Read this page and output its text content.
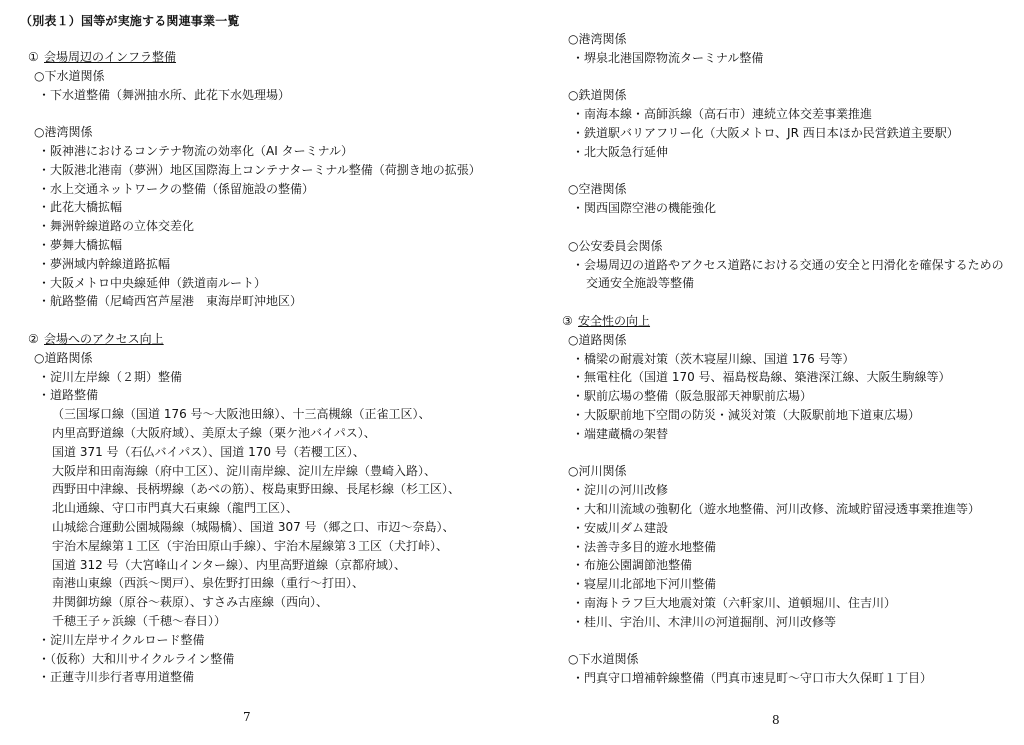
（別表１）国等が実施する関連事業一覧
① 会場周辺のインフラ整備
○下水道関係
・下水道整備（舞洲抽水所、此花下水処理場）
○港湾関係
・阪神港におけるコンテナ物流の効率化（AI ターミナル）
・大阪港北港南（夢洲）地区国際海上コンテナターミナル整備（荷捌き地の拡張）
・水上交通ネットワークの整備（係留施設の整備）
・此花大橋拡幅
・舞洲幹線道路の立体交差化
・夢舞大橋拡幅
・夢洲域内幹線道路拡幅
・大阪メトロ中央線延伸（鉄道南ルート）
・航路整備（尼崎西宮芦屋港　東海岸町沖地区）
② 会場へのアクセス向上
○道路関係
・淀川左岸線（２期）整備
・道路整備
（三国塚口線（国道 176 号～大阪池田線）、十三高槻線（正雀工区）、
内里高野道線（大阪府域）、美原太子線（栗ケ池バイパス）、
国道 371 号（石仏バイパス）、国道 170 号（若櫻工区）、
大阪岸和田南海線（府中工区）、淀川南岸線、淀川左岸線（豊崎入路）、
西野田中津線、長柄堺線（あべの筋）、桜島東野田線、長尾杉線（杉工区）、
北山通線、守口市門真大石東線（龍門工区）、
山城総合運動公園城陽線（城陽橋）、国道 307 号（郷之口、市辺～奈島）、
宇治木屋線第１工区（宇治田原山手線）、宇治木屋線第３工区（犬打峠）、
国道 312 号（大宮峰山インター線）、内里高野道線（京都府域）、
南港山東線（西浜～関戸）、泉佐野打田線（重行～打田）、
井関御坊線（原谷～萩原）、すさみ古座線（西向）、
千穂王子ヶ浜線（千穂～春日））
・淀川左岸サイクルロード整備
・（仮称）大和川サイクルライン整備
・正蓮寺川歩行者専用道整備
7
○港湾関係
・堺泉北港国際物流ターミナル整備
○鉄道関係
・南海本線・高師浜線（高石市）連続立体交差事業推進
・鉄道駅バリアフリー化（大阪メトロ、JR 西日本ほか民営鉄道主要駅）
・北大阪急行延伸
○空港関係
・関西国際空港の機能強化
○公安委員会関係
・会場周辺の道路やアクセス道路における交通の安全と円滑化を確保するための
交通安全施設等整備
③ 安全性の向上
○道路関係
・橋梁の耐震対策（茨木寝屋川線、国道 176 号等）
・無電柱化（国道 170 号、福島桜島線、築港深江線、大阪生駒線等）
・駅前広場の整備（阪急服部天神駅前広場）
・大阪駅前地下空間の防災・減災対策（大阪駅前地下道東広場）
・端建蔵橋の架替
○河川関係
・淀川の河川改修
・大和川流域の強靭化（遊水地整備、河川改修、流域貯留浸透事業推進等）
・安威川ダム建設
・法善寺多目的遊水地整備
・布施公園調節池整備
・寝屋川北部地下河川整備
・南海トラフ巨大地震対策（六軒家川、道頓堀川、住吉川）
・桂川、宇治川、木津川の河道掘削、河川改修等
○下水道関係
・門真守口増補幹線整備（門真市速見町～守口市大久保町１丁目）
8
